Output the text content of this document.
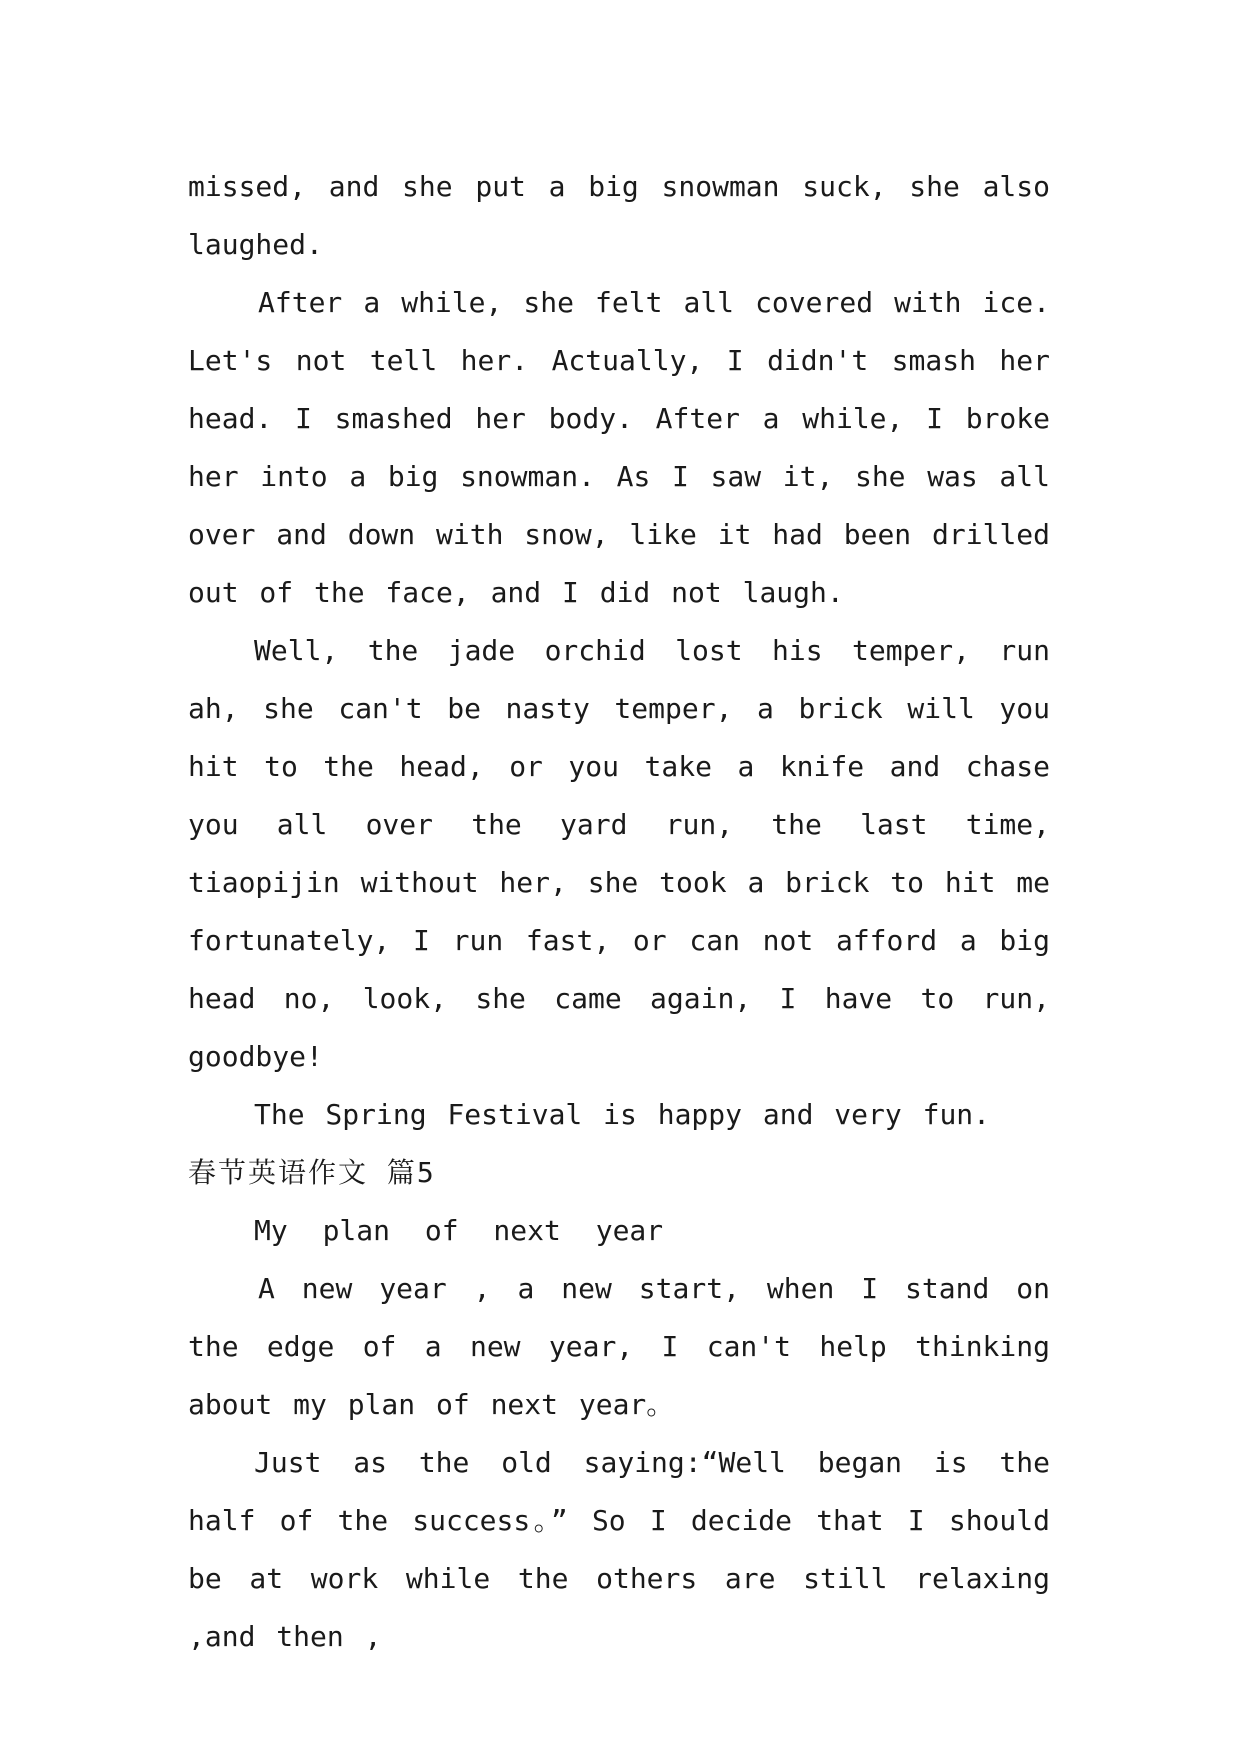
missed, and she put a big snowman suck, she also laughed.

After a while, she felt all covered with ice. Let's not tell her. Actually, I didn't smash her head. I smashed her body. After a while, I broke her into a big snowman. As I saw it, she was all over and down with snow, like it had been drilled out of the face, and I did not laugh.

Well, the jade orchid lost his temper, run ah, she can't be nasty temper, a brick will you hit to the head, or you take a knife and chase you all over the yard run, the last time, tiaopijin without her, she took a brick to hit me fortunately, I run fast, or can not afford a big head no, look, she came again, I have to run, goodbye!

The Spring Festival is happy and very fun.

春节英语作文 篇5

My plan of next year

A new year , a new start, when I stand on the edge of a new year, I can't help thinking about my plan of next year。

Just as the old saying:“Well began is the half of the success。” So I decide that I should be at work while the others are still relaxing ,and then ,
